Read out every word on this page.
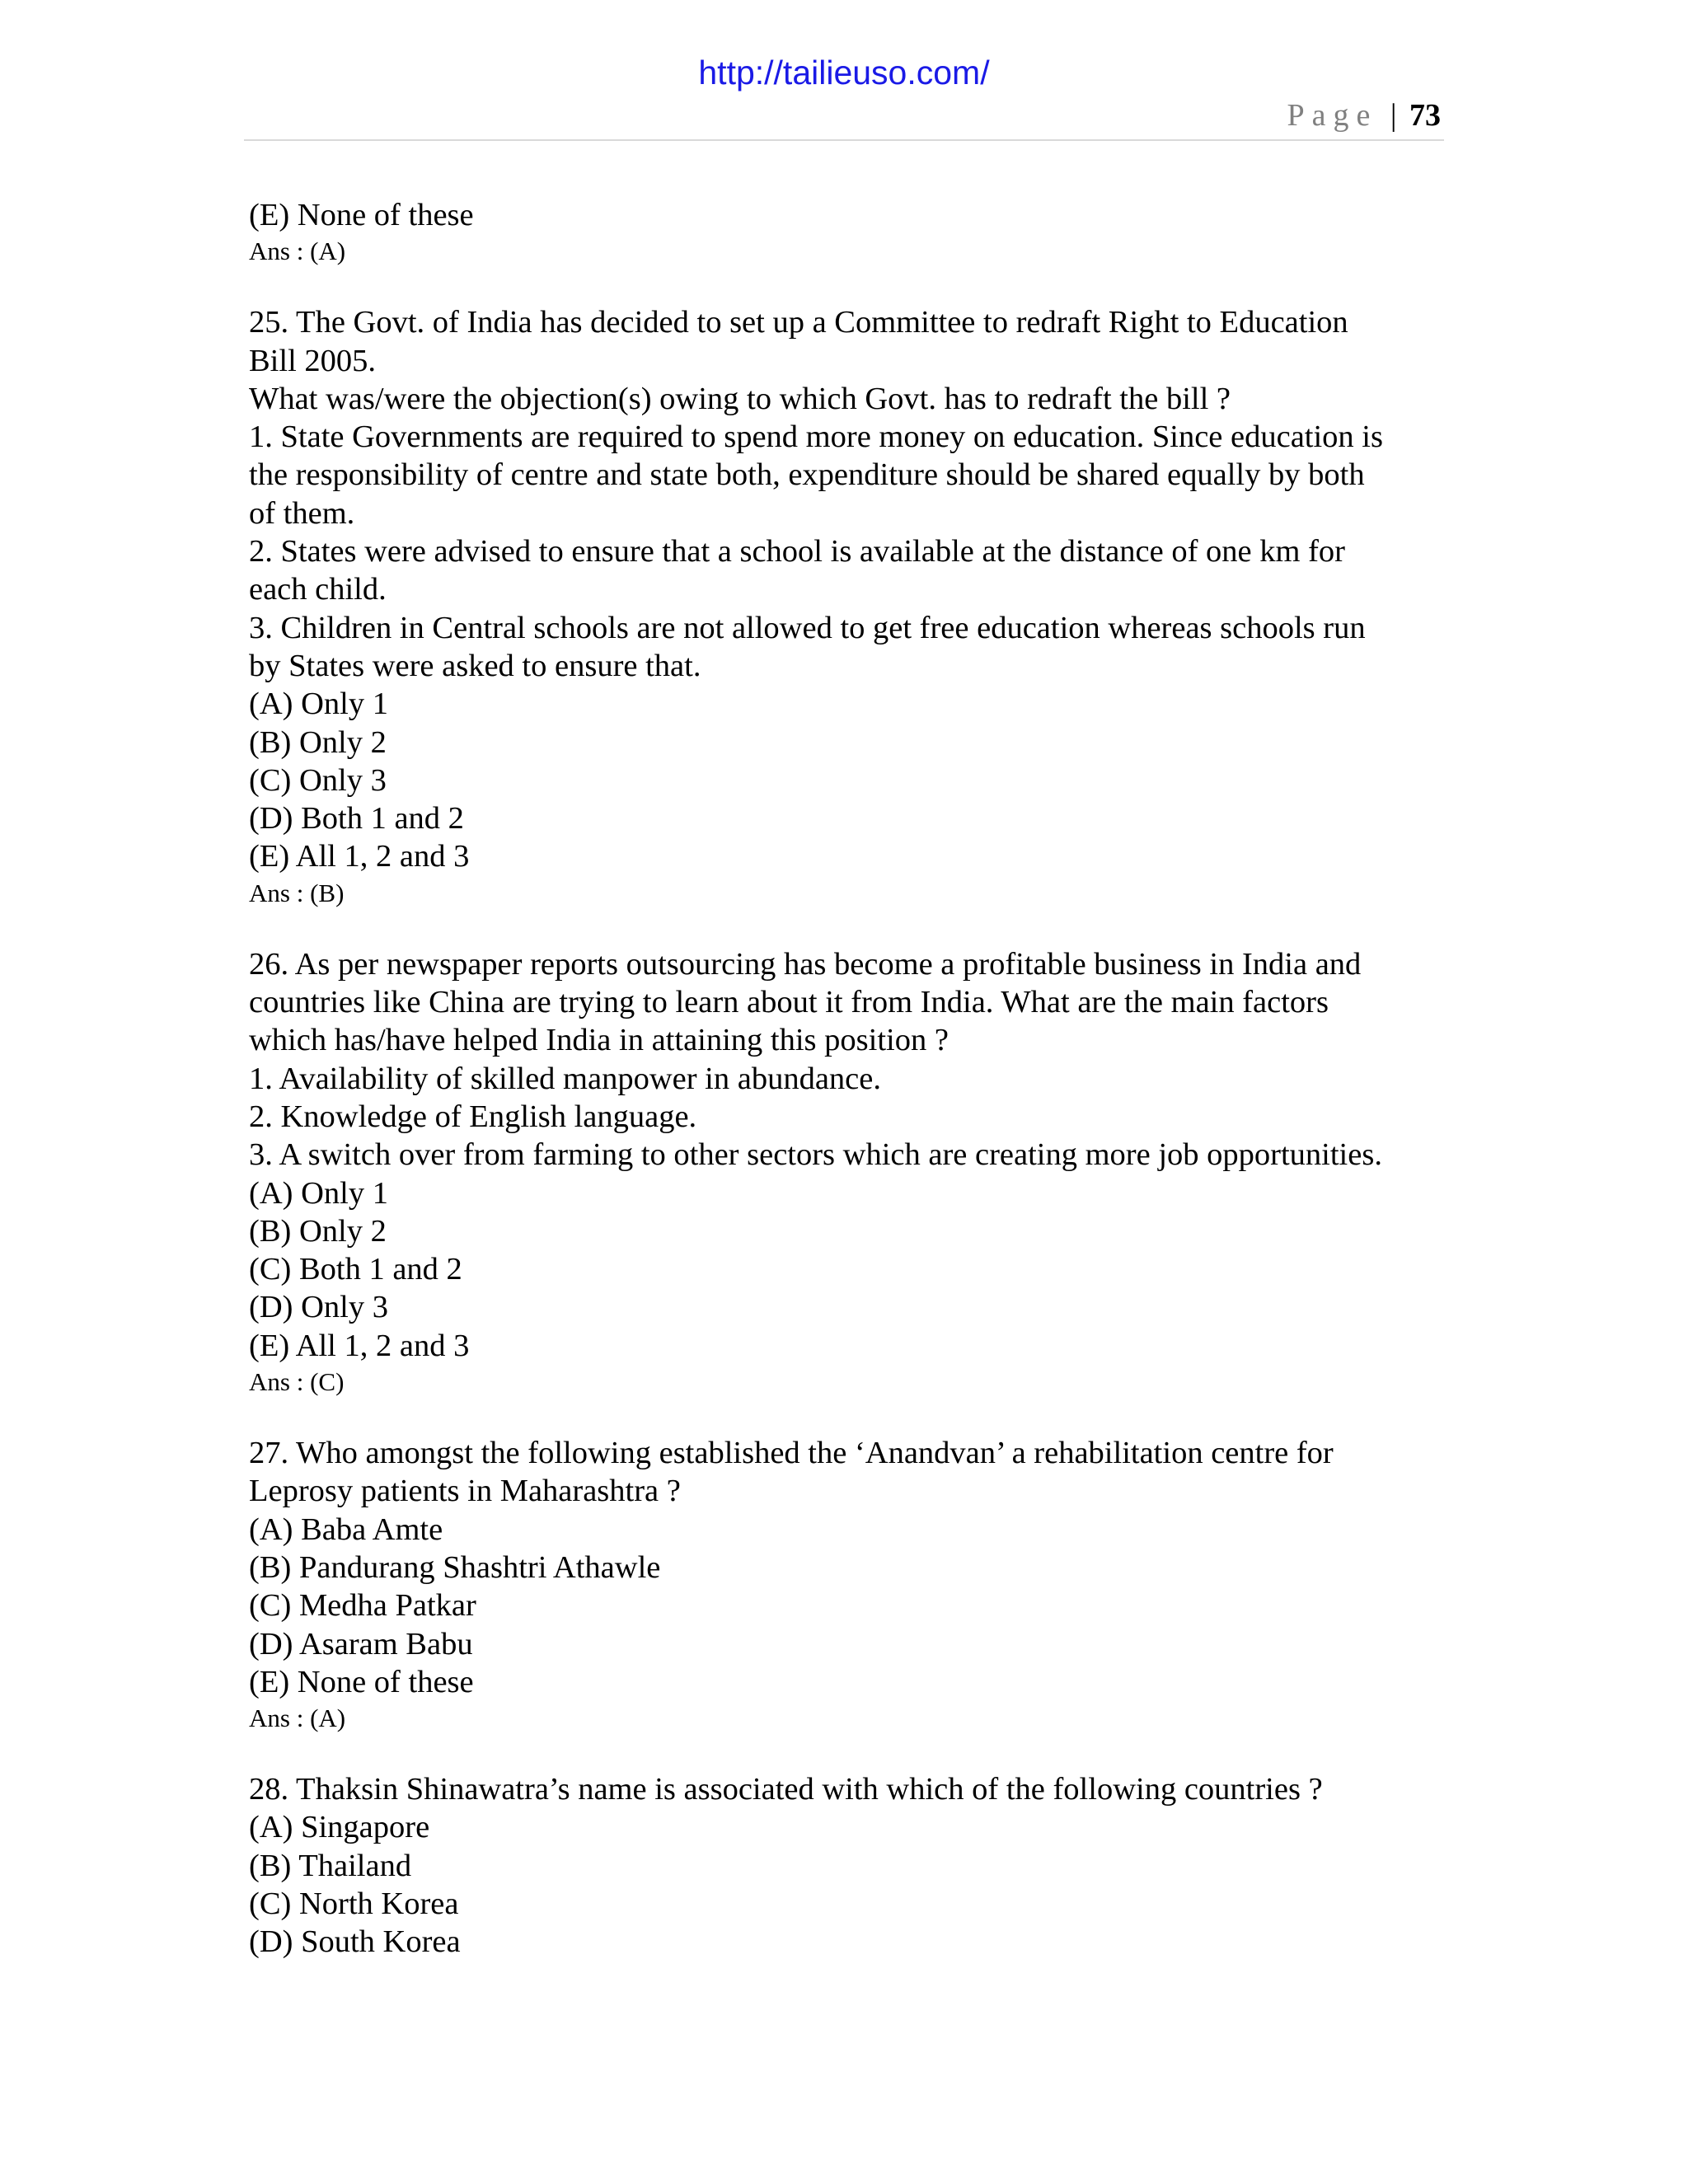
http://tailieuso.com/
Page | 73
(E) None of these
Ans : (A)
25. The Govt. of India has decided to set up a Committee to redraft Right to Education
Bill 2005.
What was/were the objection(s) owing to which Govt. has to redraft the bill ?
1. State Governments are required to spend more money on education. Since education is
the responsibility of centre and state both, expenditure should be shared equally by both
of them.
2. States were advised to ensure that a school is available at the distance of one km for
each child.
3. Children in Central schools are not allowed to get free education whereas schools run
by States were asked to ensure that.
(A) Only 1
(B) Only 2
(C) Only 3
(D) Both 1 and 2
(E) All 1, 2 and 3
Ans : (B)
26. As per newspaper reports outsourcing has become a profitable business in India and
countries like China are trying to learn about it from India. What are the main factors
which has/have helped India in attaining this position ?
1. Availability of skilled manpower in abundance.
2. Knowledge of English language.
3. A switch over from farming to other sectors which are creating more job opportunities.
(A) Only 1
(B) Only 2
(C) Both 1 and 2
(D) Only 3
(E) All 1, 2 and 3
Ans : (C)
27. Who amongst the following established the ‘Anandvan’ a rehabilitation centre for
Leprosy patients in Maharashtra ?
(A) Baba Amte
(B) Pandurang Shashtri Athawle
(C) Medha Patkar
(D) Asaram Babu
(E) None of these
Ans : (A)
28. Thaksin Shinawatra’s name is associated with which of the following countries ?
(A) Singapore
(B) Thailand
(C) North Korea
(D) South Korea
